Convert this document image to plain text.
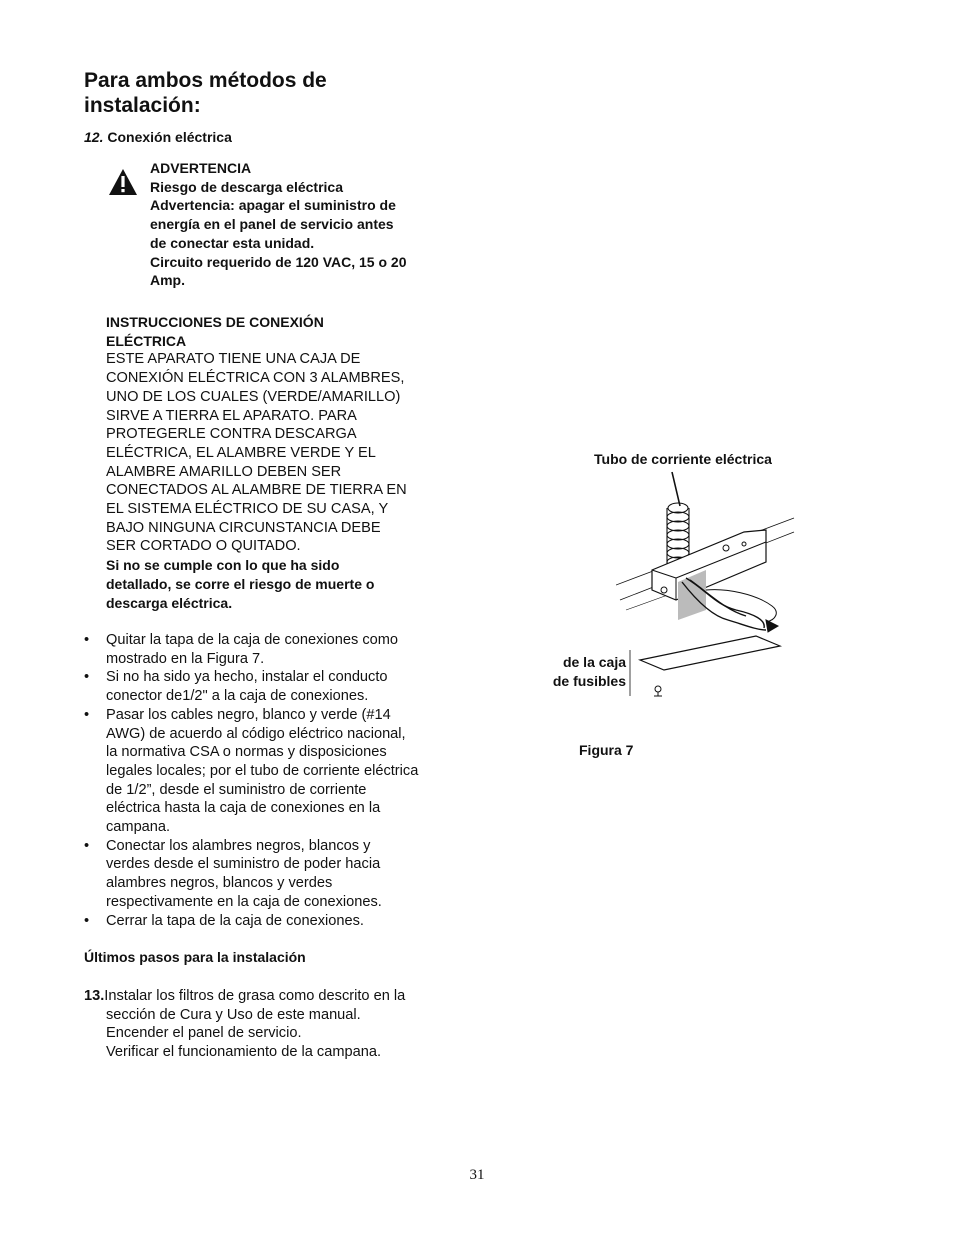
Para ambos métodos de instalación:
12. Conexión eléctrica
ADVERTENCIA
Riesgo de descarga eléctrica
Advertencia: apagar el suministro de
energía en el panel de servicio antes
de conectar esta unidad.
Circuito requerido de 120 VAC, 15 o 20
Amp.
INSTRUCCIONES DE CONEXIÓN
ELÉCTRICA
ESTE APARATO TIENE UNA CAJA DE
CONEXIÓN ELÉCTRICA CON 3 ALAMBRES,
UNO DE LOS CUALES (VERDE/AMARILLO)
SIRVE A TIERRA EL APARATO. PARA
PROTEGERLE CONTRA DESCARGA
ELÉCTRICA, EL ALAMBRE VERDE Y EL
ALAMBRE AMARILLO DEBEN SER
CONECTADOS AL ALAMBRE DE TIERRA EN
EL SISTEMA ELÉCTRICO DE SU CASA, Y
BAJO NINGUNA CIRCUNSTANCIA DEBE
SER CORTADO O QUITADO.
Si no se cumple con lo que ha sido
detallado, se corre el riesgo de muerte o
descarga eléctrica.
• Quitar la tapa de la caja de conexiones como
mostrado en la Figura 7.
• Si no ha sido ya hecho, instalar el conducto
conector de1/2" a la caja de conexiones.
• Pasar los cables negro, blanco y verde (#14
AWG) de acuerdo al código eléctrico nacional,
la normativa CSA o normas y disposiciones
legales locales; por el tubo de corriente eléctrica
de 1/2”, desde el suministro de corriente
eléctrica hasta la caja de conexiones en la
campana.
• Conectar los alambres negros, blancos y
verdes desde el suministro de poder hacia
alambres negros, blancos y verdes
respectivamente en la caja de conexiones.
• Cerrar la tapa de la caja de conexiones.
Últimos pasos para la instalación
13.Instalar los filtros de grasa como descrito en la
sección de Cura y Uso de este manual.
Encender el panel de servicio.
Verificar el funcionamiento de la campana.
Tubo de corriente eléctrica
de la caja
de fusibles
Figura 7
31
